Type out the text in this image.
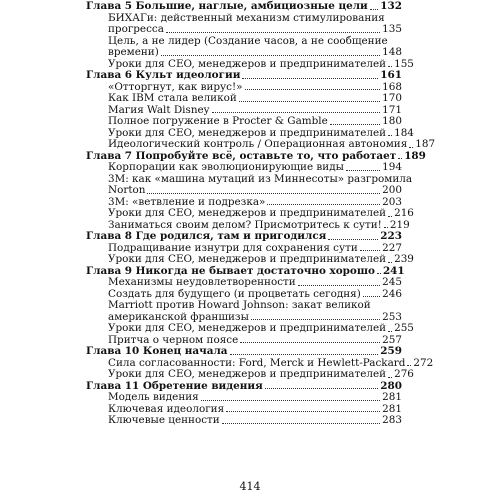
Глава 5 Большие, наглые, амбициозные цели 132
БИХАГи: действенный механизм стимулирования
прогресса	135
Цель, а не лидер (Создание часов, а не сообщение
времени)	148
Уроки для CEO, менеджеров и предпринимателей 155
Глава 6 Культ идеологии	161
«Отторгнут, как вирус!»	168
Как IBM стала великой	170
Магия Walt Disney	171
Полное погружение в Procter & Gamble	180
Уроки для CEO, менеджеров и предпринимателей 184
Идеологический контроль / Операционная автономия 187
Глава 7 Попробуйте всё, оставьте то, что работает 189
Корпорации как эволюционирующие виды	194
3M: как «машина мутаций из Миннесоты» разгромила
Norton	200
3M: «ветвление и подрезка»	203
Уроки для CEO, менеджеров и предпринимателей 216
Заниматься своим делом? Присмотритесь к сути! 219
Глава 8 Где родился, там и пригодился	223
Подращивание изнутри для сохранения сути 227
Уроки для CEO, менеджеров и предпринимателей 239
Глава 9 Никогда не бывает достаточно хорошо 241
Механизмы неудовлетворенности	245
Создать для будущего (и процветать сегодня) 246
Marriott против Howard Johnson: закат великой
американской франшизы	253
Уроки для CEO, менеджеров и предпринимателей 255
Притча о черном поясе	257
Глава 10 Конец начала	259
Сила согласованности: Ford, Merck и Hewlett-Packard 272
Уроки для CEO, менеджеров и предпринимателей 276
Глава 11 Обретение видения	280
Модель видения	281
Ключевая идеология	281
Ключевые ценности	283
414
